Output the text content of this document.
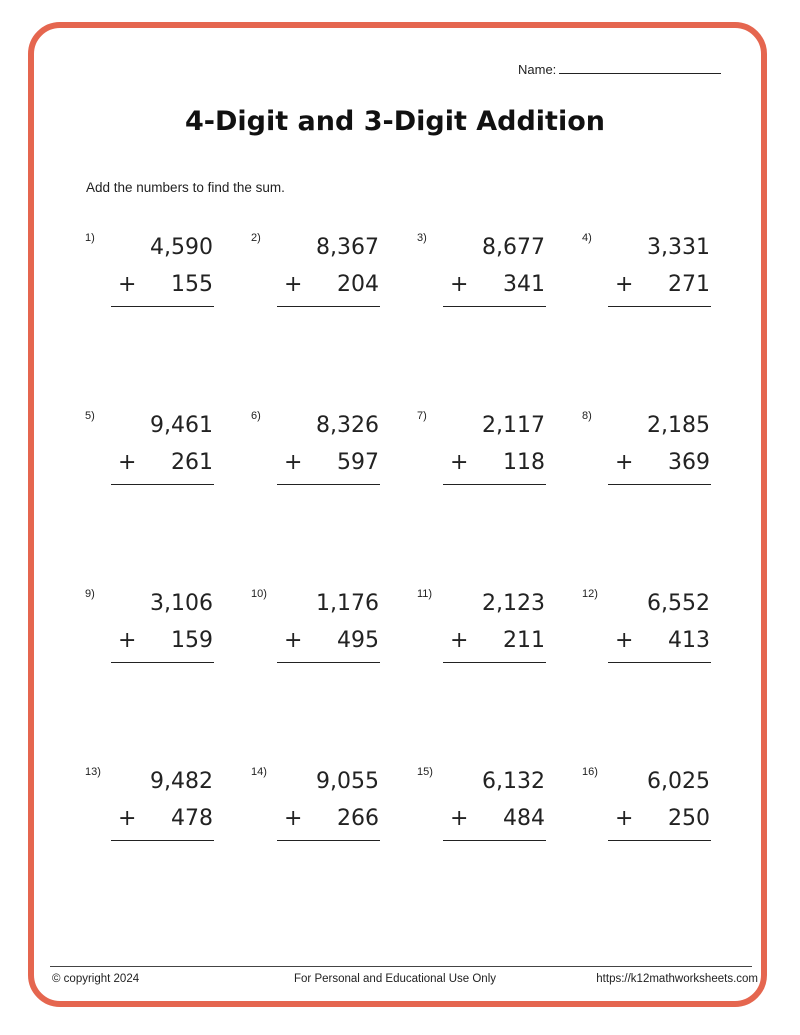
Name:
4-Digit and 3-Digit Addition
Add the numbers to find the sum.
1)	4,590
+ 155
2)	8,367
+ 204
3)	8,677
+ 341
4)	3,331
+ 271
5)	9,461
+ 261
6)	8,326
+ 597
7)	2,117
+ 118
8)	2,185
+ 369
9)	3,106
+ 159
10) 1,176
+ 495
11) 2,123
+ 211
12) 6,552
+ 413
13) 9,482
+ 478
14) 9,055
+ 266
15) 6,132
+ 484
16) 6,025
+ 250
© copyright 2024	For Personal and Educational Use Only	https://k12mathworksheets.com
